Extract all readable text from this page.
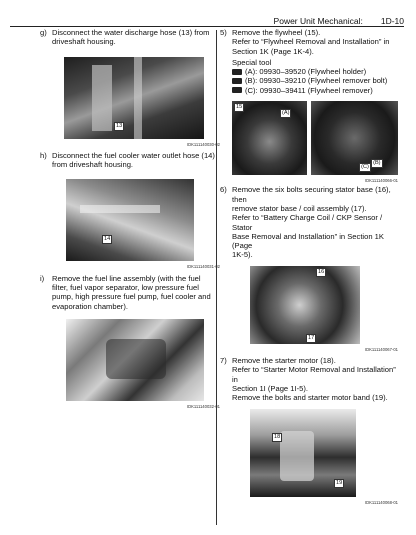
Power Unit Mechanical: 1D-10
g) Disconnect the water discharge hose (13) from
driveshaft housing.
13
IDK111140030-02
h) Disconnect the fuel cooler water outlet hose (14)
from driveshaft housing.
14
IDK111140031-02
i)	Remove the fuel line assembly (with the fuel
filter, fuel vapor separator, low pressure fuel
pump, high pressure fuel pump, fuel cooler and
evaporation chamber).
IDK111140032-01
5) Remove the flywheel (15).
Refer to “Flywheel Removal and Installation” in
Section 1K (Page 1K-4).
Special tool
(A): 09930–39520 (Flywheel holder)
(B): 09930–39210 (Flywheel remover bolt)
(C): 09930–39411 (Flywheel remover)
15
(A)
(B)
(C)
IDK111140066-01
6) Remove the six bolts securing stator base (16), then
remove stator base / coil assembly (17).
Refer to “Battery Charge Coil / CKP Sensor / Stator
Base Removal and Installation” in Section 1K (Page
1K-5).
16
17
IDK111140067-01
7) Remove the starter motor (18).
Refer to “Starter Motor Removal and Installation” in
Section 1I (Page 1I-5).
Remove the bolts and starter motor band (19).
18
19
IDK111140068-01
